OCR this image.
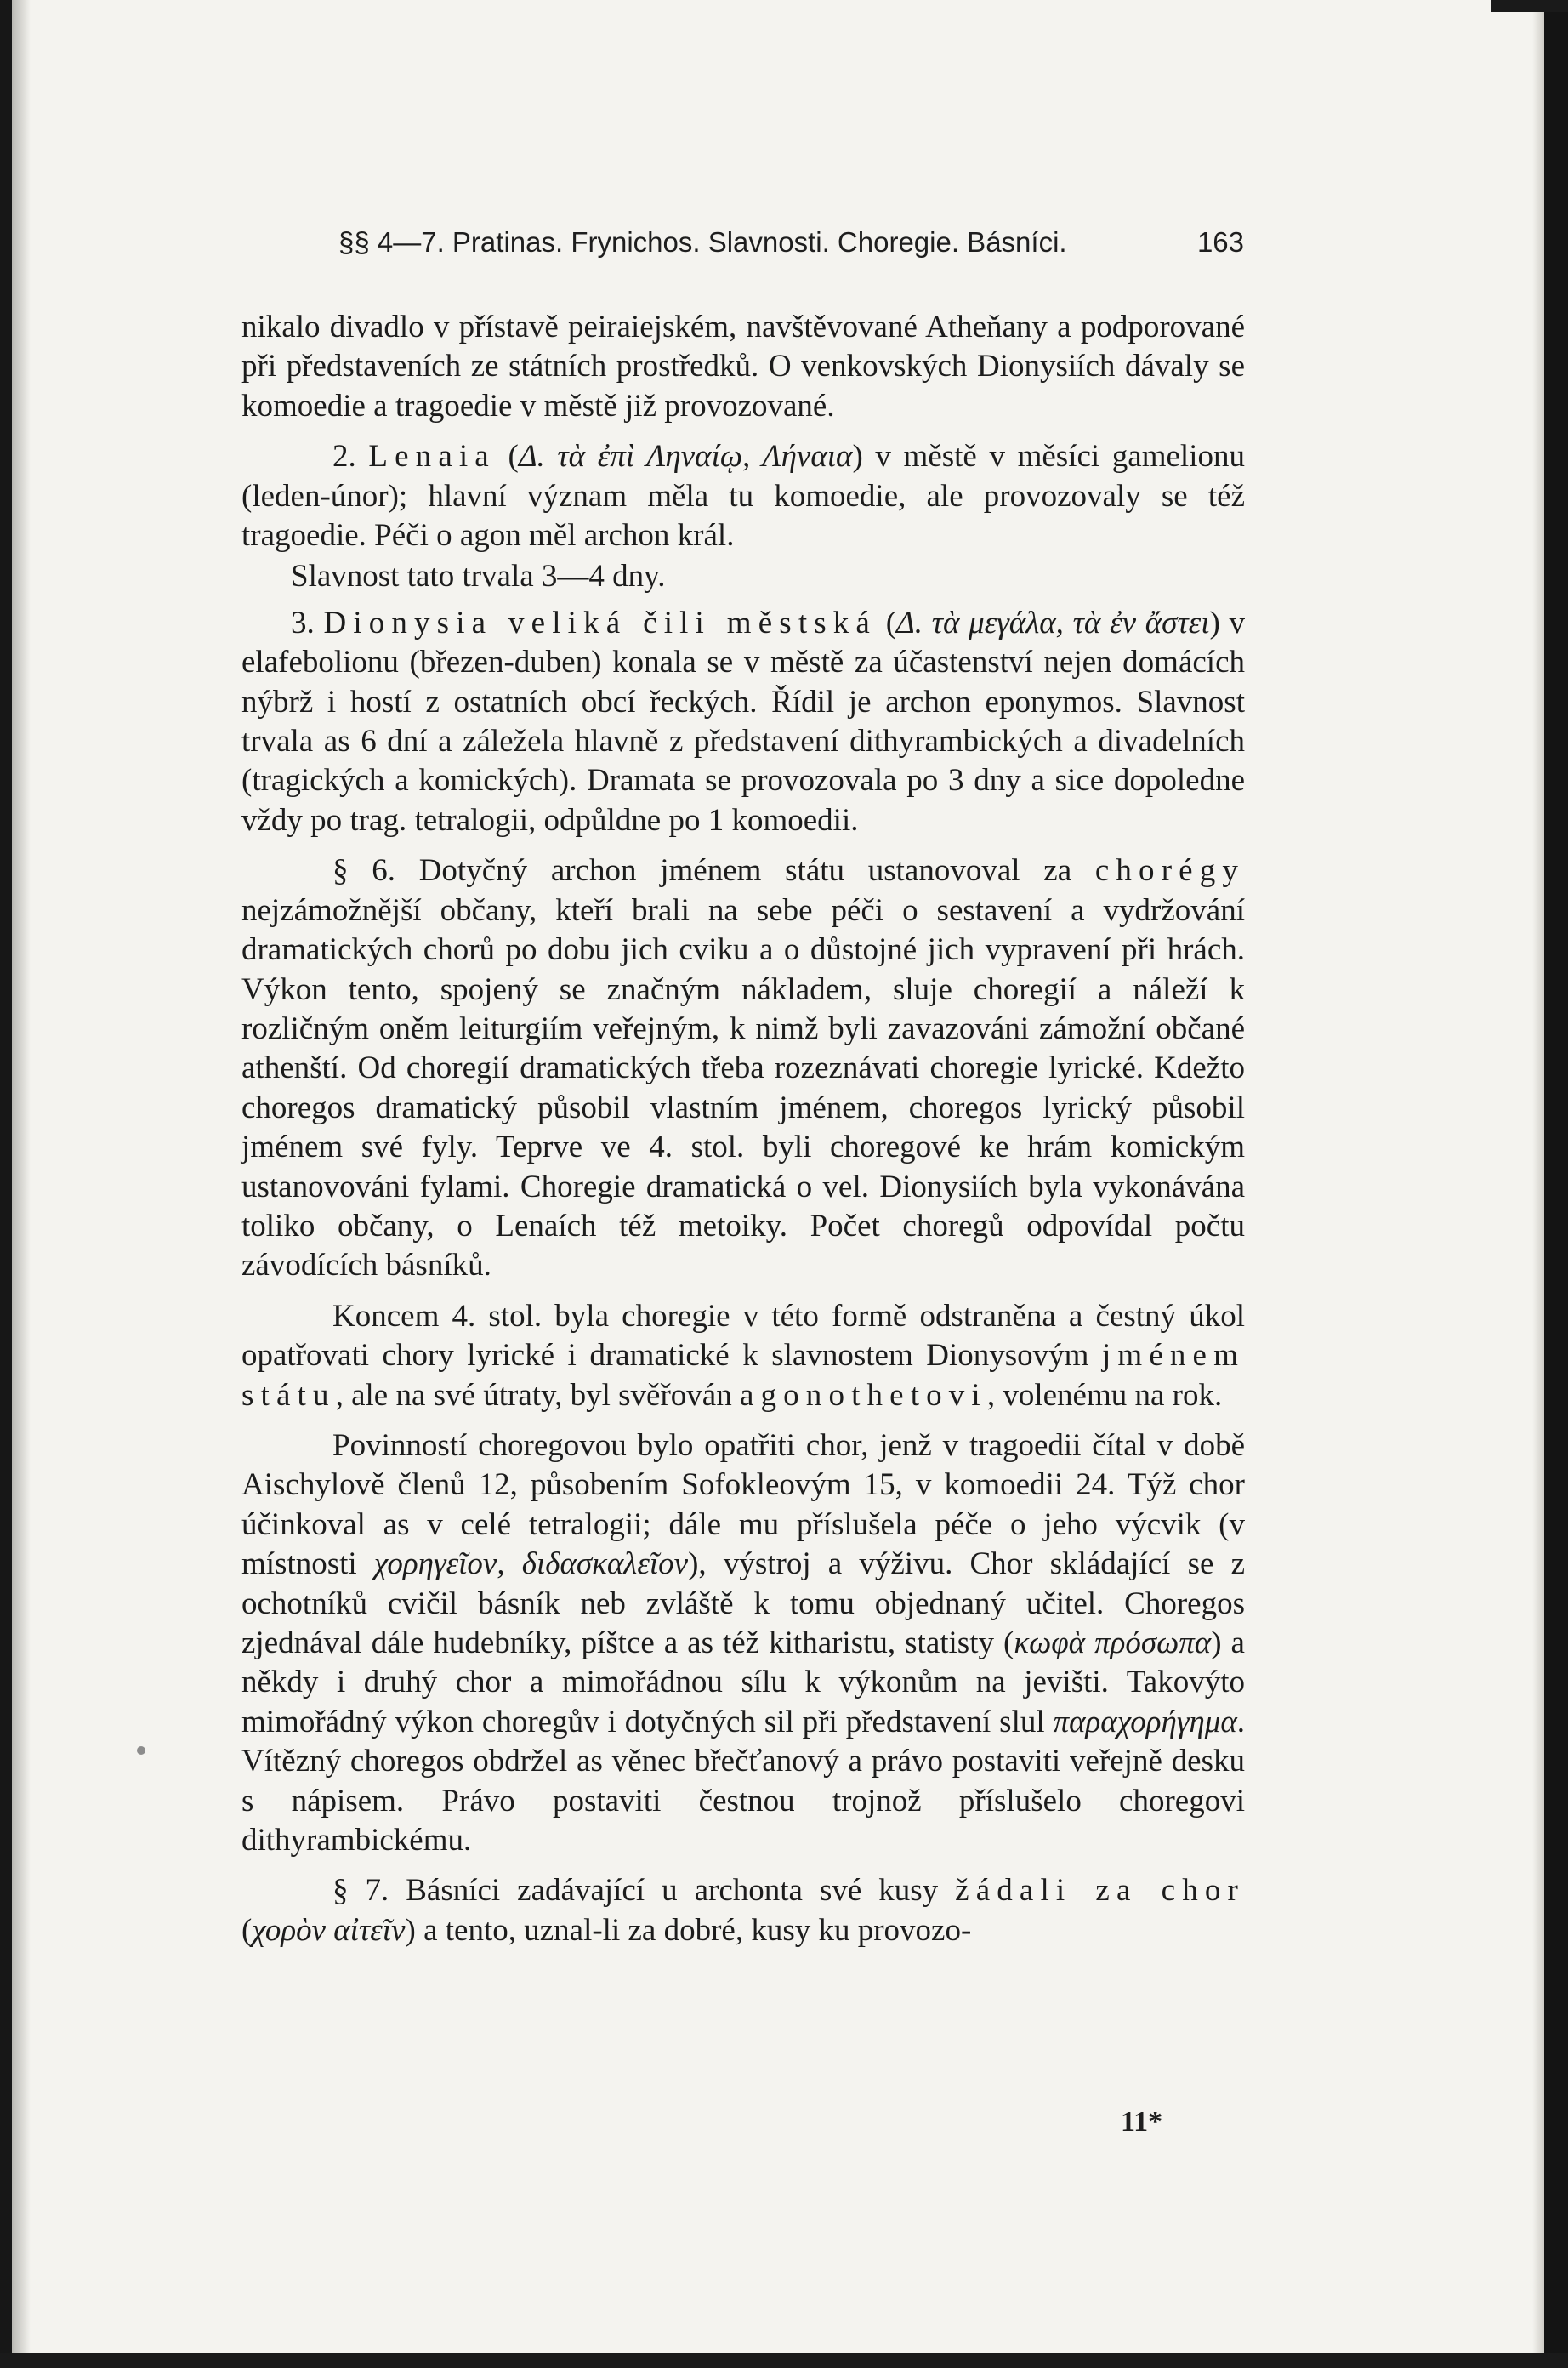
§§ 4—7. Pratinas. Frynichos. Slavnosti. Choregie. Básníci.	163

nikalo divadlo v přístavě peiraiejském, navštěvované Atheňany a podporované při představeních ze státních prostředků. O venkovských Dionysiích dávaly se komoedie a tragoedie v městě již provozované.

2. Lenaia (Δ. τὰ ἐπὶ Ληναίῳ, Λήναια) v městě v měsíci gamelionu (leden-únor); hlavní význam měla tu komoedie, ale provozovaly se též tragoedie. Péči o agon měl archon král.

Slavnost tato trvala 3—4 dny.

3. Dionysia veliká čili městská (Δ. τὰ μεγάλα, τὰ ἐν ἄστει) v elafebolionu (březen-duben) konala se v městě za účastenství nejen domácích nýbrž i hostí z ostatních obcí řeckých. Řídil je archon eponymos. Slavnost trvala as 6 dní a záležela hlavně z představení dithyrambických a divadelních (tragických a komických). Dramata se provozovala po 3 dny a sice dopoledne vždy po trag. tetralogii, odpůldne po 1 komoedii.

§ 6. Dotyčný archon jménem státu ustanovoval za chorégy nejzámožnější občany, kteří brali na sebe péči o sestavení a vydržování dramatických chorů po dobu jich cviku a o důstojné jich vypravení při hrách. Výkon tento, spojený se značným nákladem, sluje choregií a náleží k rozličným oněm leiturgiím veřejným, k nimž byli zavazováni zámožní občané athenští. Od choregií dramatických třeba rozeznávati choregie lyrické. Kdežto choregos dramatický působil vlastním jménem, choregos lyrický působil jménem své fyly. Teprve ve 4. stol. byli choregové ke hrám komickým ustanovováni fylami. Choregie dramatická o vel. Dionysiích byla vykonávána toliko občany, o Lenaích též metoiky. Počet choregů odpovídal počtu závodících básníků.

Koncem 4. stol. byla choregie v této formě odstraněna a čestný úkol opatřovati chory lyrické i dramatické k slavnostem Dionysovým jménem státu, ale na své útraty, byl svěřován agonothetovi, volenému na rok.

Povinností choregovou bylo opatřiti chor, jenž v tragoedii čítal v době Aischylově členů 12, působením Sofokleovým 15, v komoedii 24. Týž chor účinkoval as v celé tetralogii; dále mu příslušela péče o jeho výcvik (v místnosti χορηγεῖον, διδασκαλεῖον), výstroj a výživu. Chor skládající se z ochotníků cvičil básník neb zvláště k tomu objednaný učitel. Choregos zjednával dále hudebníky, píštce a as též kitharistu, statisty (κωφὰ πρόσωπα) a někdy i druhý chor a mimořádnou sílu k výkonům na jevišti. Takovýto mimořádný výkon choregův i dotyčných sil při představení slul παραχορήγημα. Vítězný choregos obdržel as věnec břečťanový a právo postaviti veřejně desku s nápisem. Právo postaviti čestnou trojnož příslušelo choregovi dithyrambickému.

§ 7. Básníci zadávající u archonta své kusy žádali za chor (χορὸν αἰτεῖν) a tento, uznal-li za dobré, kusy ku provozo-

11*
